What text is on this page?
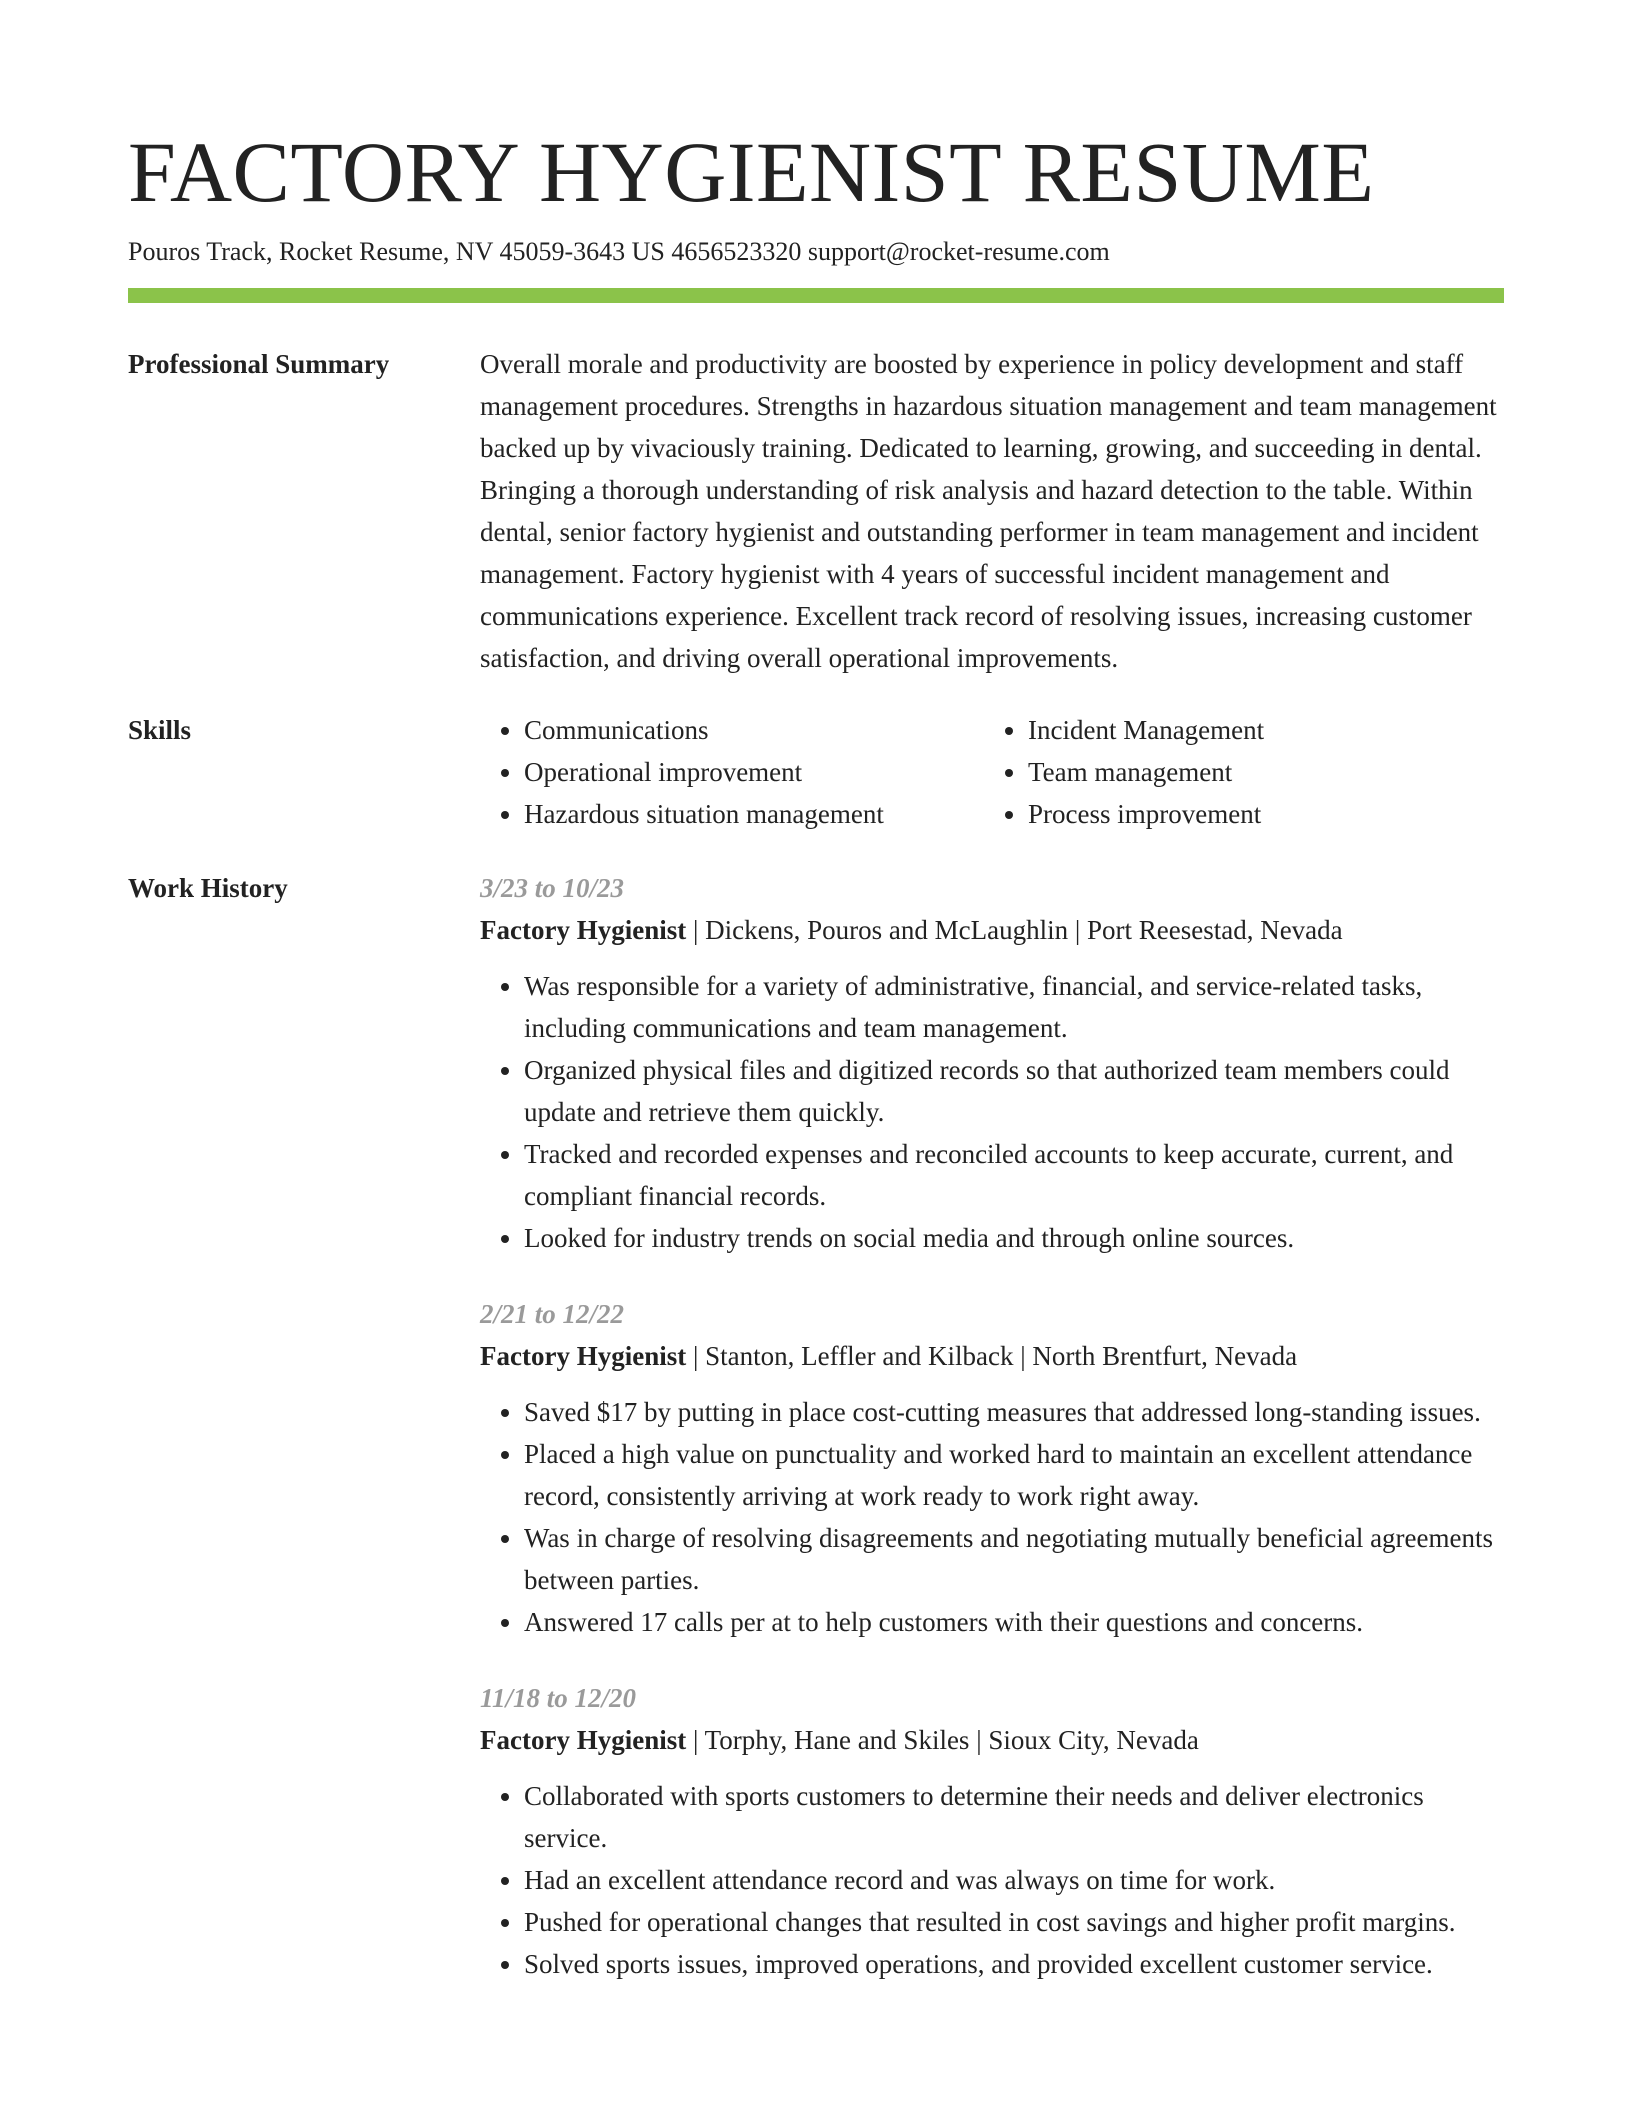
FACTORY HYGIENIST RESUME
Pouros Track, Rocket Resume, NV 45059-3643 US 4656523320 support@rocket-resume.com
Professional Summary	Overall morale and productivity are boosted by experience in policy development and staff management procedures. Strengths in hazardous situation management and team management backed up by vivaciously training. Dedicated to learning, growing, and succeeding in dental. Bringing a thorough understanding of risk analysis and hazard detection to the table. Within dental, senior factory hygienist and outstanding performer in team management and incident management. Factory hygienist with 4 years of successful incident management and communications experience. Excellent track record of resolving issues, increasing customer satisfaction, and driving overall operational improvements.

Skills
•	Communications
• Operational improvement
• Hazardous situation management
• Incident Management
• Team management
• Process improvement
Work History	3/23 to 10/23
Factory Hygienist | Dickens, Pouros and McLaughlin | Port Reesestad, Nevada
• Was responsible for a variety of administrative, financial, and service-related tasks, including communications and team management.
• Organized physical files and digitized records so that authorized team members could update and retrieve them quickly.
• Tracked and recorded expenses and reconciled accounts to keep accurate, current, and compliant financial records.
• Looked for industry trends on social media and through online sources.
2/21 to 12/22
Factory Hygienist | Stanton, Leffler and Kilback | North Brentfurt, Nevada
• Saved $17 by putting in place cost-cutting measures that addressed long-standing issues.
• Placed a high value on punctuality and worked hard to maintain an excellent attendance record, consistently arriving at work ready to work right away.
• Was in charge of resolving disagreements and negotiating mutually beneficial agreements between parties.
• Answered 17 calls per at to help customers with their questions and concerns.
11/18 to 12/20
Factory Hygienist | Torphy, Hane and Skiles | Sioux City, Nevada
• Collaborated with sports customers to determine their needs and deliver electronics service.
• Had an excellent attendance record and was always on time for work.
• Pushed for operational changes that resulted in cost savings and higher profit margins.
• Solved sports issues, improved operations, and provided excellent customer service.
